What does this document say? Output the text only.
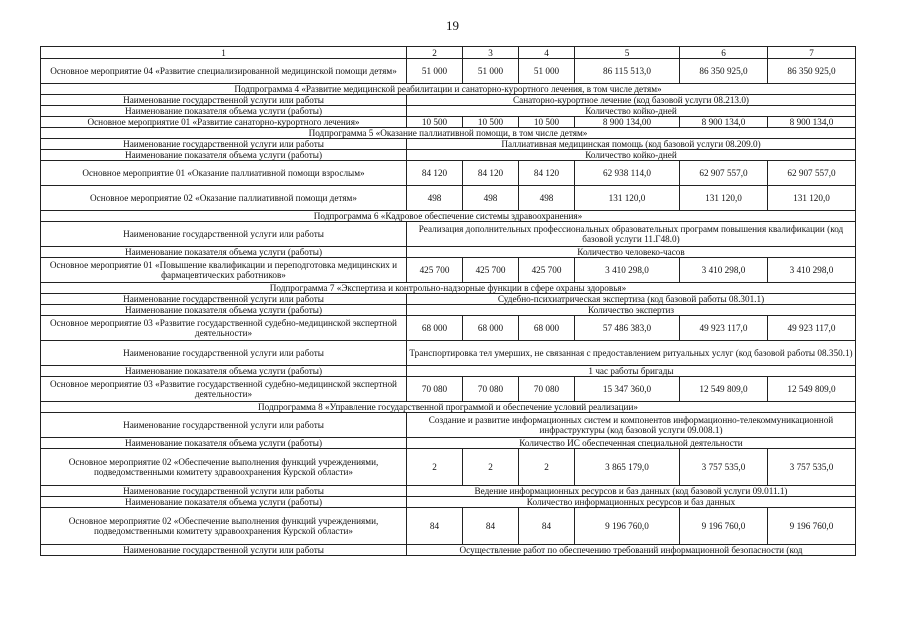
19
1	2	3	4	5	6	7
Основное мероприятие 04 «Развитие специализированной медицинской помощи детям»	51 000	51 000	51 000	86 115 513,0	86 350 925,0	86 350 925,0
Подпрограмма 4 «Развитие медицинской реабилитации и санаторно-курортного лечения, в том числе детям»						
Наименование государственной услуги или работы	Санаторно-курортное лечение (код базовой услуги 08.213.0)					
Наименование показателя объема услуги (работы)	Количество койко-дней					
Основное мероприятие 01 «Развитие санаторно-курортного лечения»	10 500	10 500	10 500	8 900 134,00	8 900 134,0	8 900 134,0
Подпрограмма 5 «Оказание паллиативной помощи, в том числе детям»						
Наименование государственной услуги или работы	Паллиативная медицинская помощь (код базовой услуги 08.209.0)					
Наименование показателя объема услуги (работы)	Количество койко-дней					
Основное мероприятие 01 «Оказание паллиативной помощи взрослым»	84 120	84 120	84 120	62 938 114,0	62 907 557,0	62 907 557,0
Основное мероприятие 02 «Оказание паллиативной помощи детям»	498	498	498	131 120,0	131 120,0	131 120,0
Подпрограмма 6 «Кадровое обеспечение системы здравоохранения»						
Наименование государственной услуги или работы	Реализация дополнительных профессиональных образовательных программ повышения квалификации (код базовой услуги 11.Г48.0)					
Наименование показателя объема услуги (работы)	Количество человеко-часов					
Основное мероприятие 01 «Повышение квалификации и переподготовка медицинских и фармацевтических работников»	425 700	425 700	425 700	3 410 298,0	3 410 298,0	3 410 298,0
Подпрограмма 7 «Экспертиза и контрольно-надзорные функции в сфере охраны здоровья»						
Наименование государственной услуги или работы	Судебно-психиатрическая экспертиза (код базовой работы 08.301.1)					
Наименование показателя объема услуги (работы)	Количество экспертиз					
Основное мероприятие 03 «Развитие государственной судебно-медицинской экспертной деятельности»	68 000	68 000	68 000	57 486 383,0	49 923 117,0	49 923 117,0
Наименование государственной услуги или работы	Транспортировка тел умерших, не связанная с предоставлением ритуальных услуг (код базовой работы 08.350.1)					
Наименование показателя объема услуги (работы)	1 час работы бригады					
Основное мероприятие 03 «Развитие государственной судебно-медицинской экспертной деятельности»	70 080	70 080	70 080	15 347 360,0	12 549 809,0	12 549 809,0
Подпрограмма 8 «Управление государственной программой и обеспечение условий реализации»						
Наименование государственной услуги или работы	Создание и развитие информационных систем и компонентов информационно-телекоммуникационной инфраструктуры (код базовой услуги 09.008.1)					
Наименование показателя объема услуги (работы)	Количество ИС обеспеченная специальной деятельности					
Основное мероприятие 02 «Обеспечение выполнения функций учреждениями, подведомственными комитету здравоохранения Курской области»	2	2	2	3 865 179,0	3 757 535,0	3 757 535,0
Наименование государственной услуги или работы	Ведение информационных ресурсов и баз данных (код базовой услуги 09.011.1)					
Наименование показателя объема услуги (работы)	Количество информационных ресурсов и баз данных					
Основное мероприятие 02 «Обеспечение выполнения функций учреждениями, подведомственными комитету здравоохранения Курской области»	84	84	84	9 196 760,0	9 196 760,0	9 196 760,0
Наименование государственной услуги или работы	Осуществление работ по обеспечению требований информационной безопасности (код					
